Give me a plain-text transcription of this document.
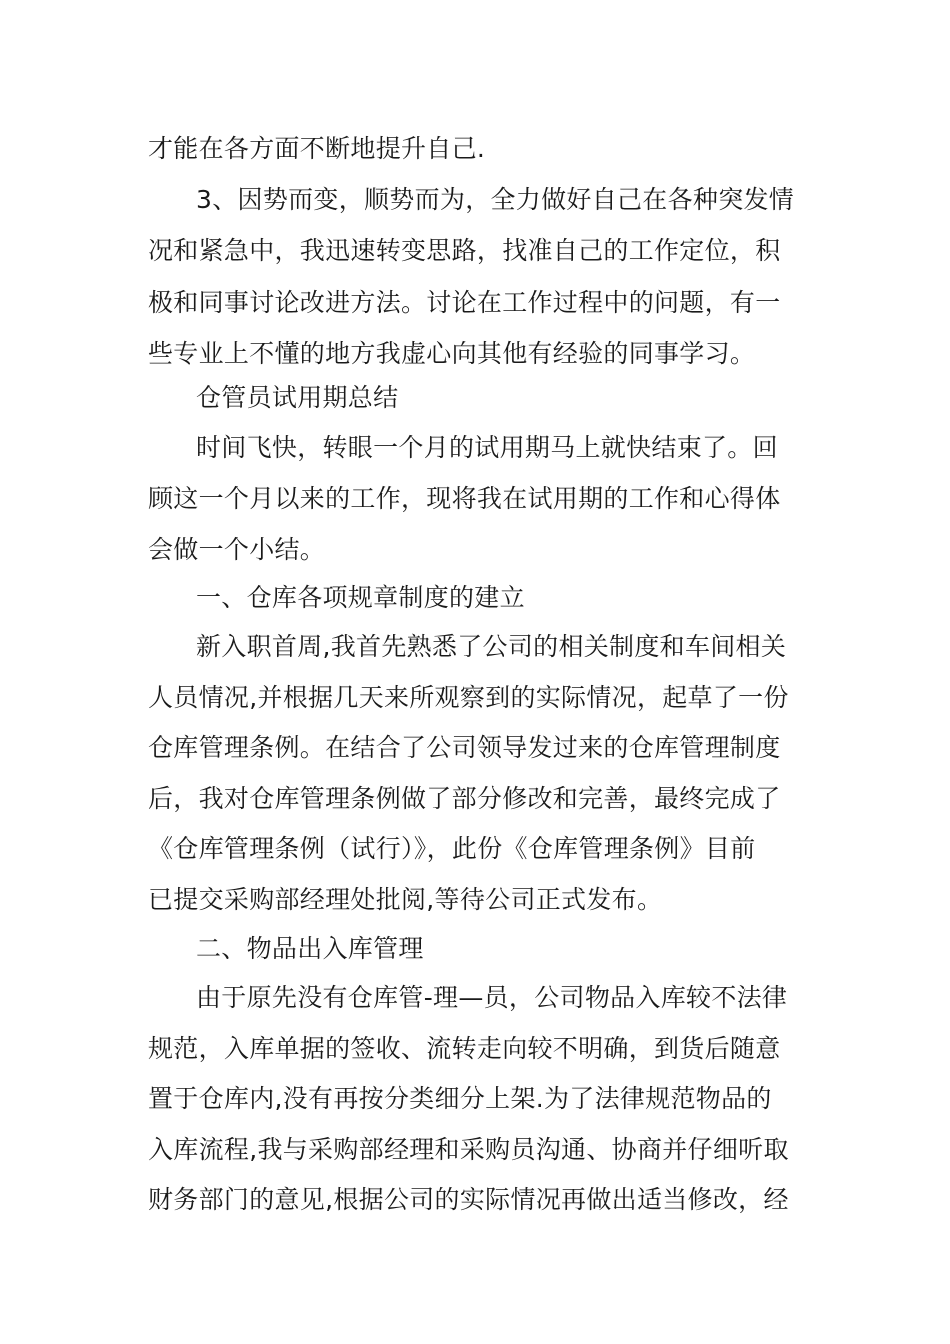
才能在各方面不断地提升自己.
3、因势而变，顺势而为，全力做好自己在各种突发情
况和紧急中，我迅速转变思路，找准自己的工作定位，积
极和同事讨论改进方法。讨论在工作过程中的问题，有一
些专业上不懂的地方我虚心向其他有经验的同事学习。
仓管员试用期总结
时间飞快，转眼一个月的试用期马上就快结束了。回
顾这一个月以来的工作，现将我在试用期的工作和心得体
会做一个小结。
一、仓库各项规章制度的建立
新入职首周,我首先熟悉了公司的相关制度和车间相关
人员情况,并根据几天来所观察到的实际情况，起草了一份
仓库管理条例。在结合了公司领导发过来的仓库管理制度
后，我对仓库管理条例做了部分修改和完善，最终完成了
《仓库管理条例（试行）》，此份《仓库管理条例》目前
已提交采购部经理处批阅,等待公司正式发布。
二、物品出入库管理
由于原先没有仓库管-理—员，公司物品入库较不法律
规范，入库单据的签收、流转走向较不明确，到货后随意
置于仓库内,没有再按分类细分上架.为了法律规范物品的
入库流程,我与采购部经理和采购员沟通、协商并仔细听取
财务部门的意见,根据公司的实际情况再做出适当修改，经
